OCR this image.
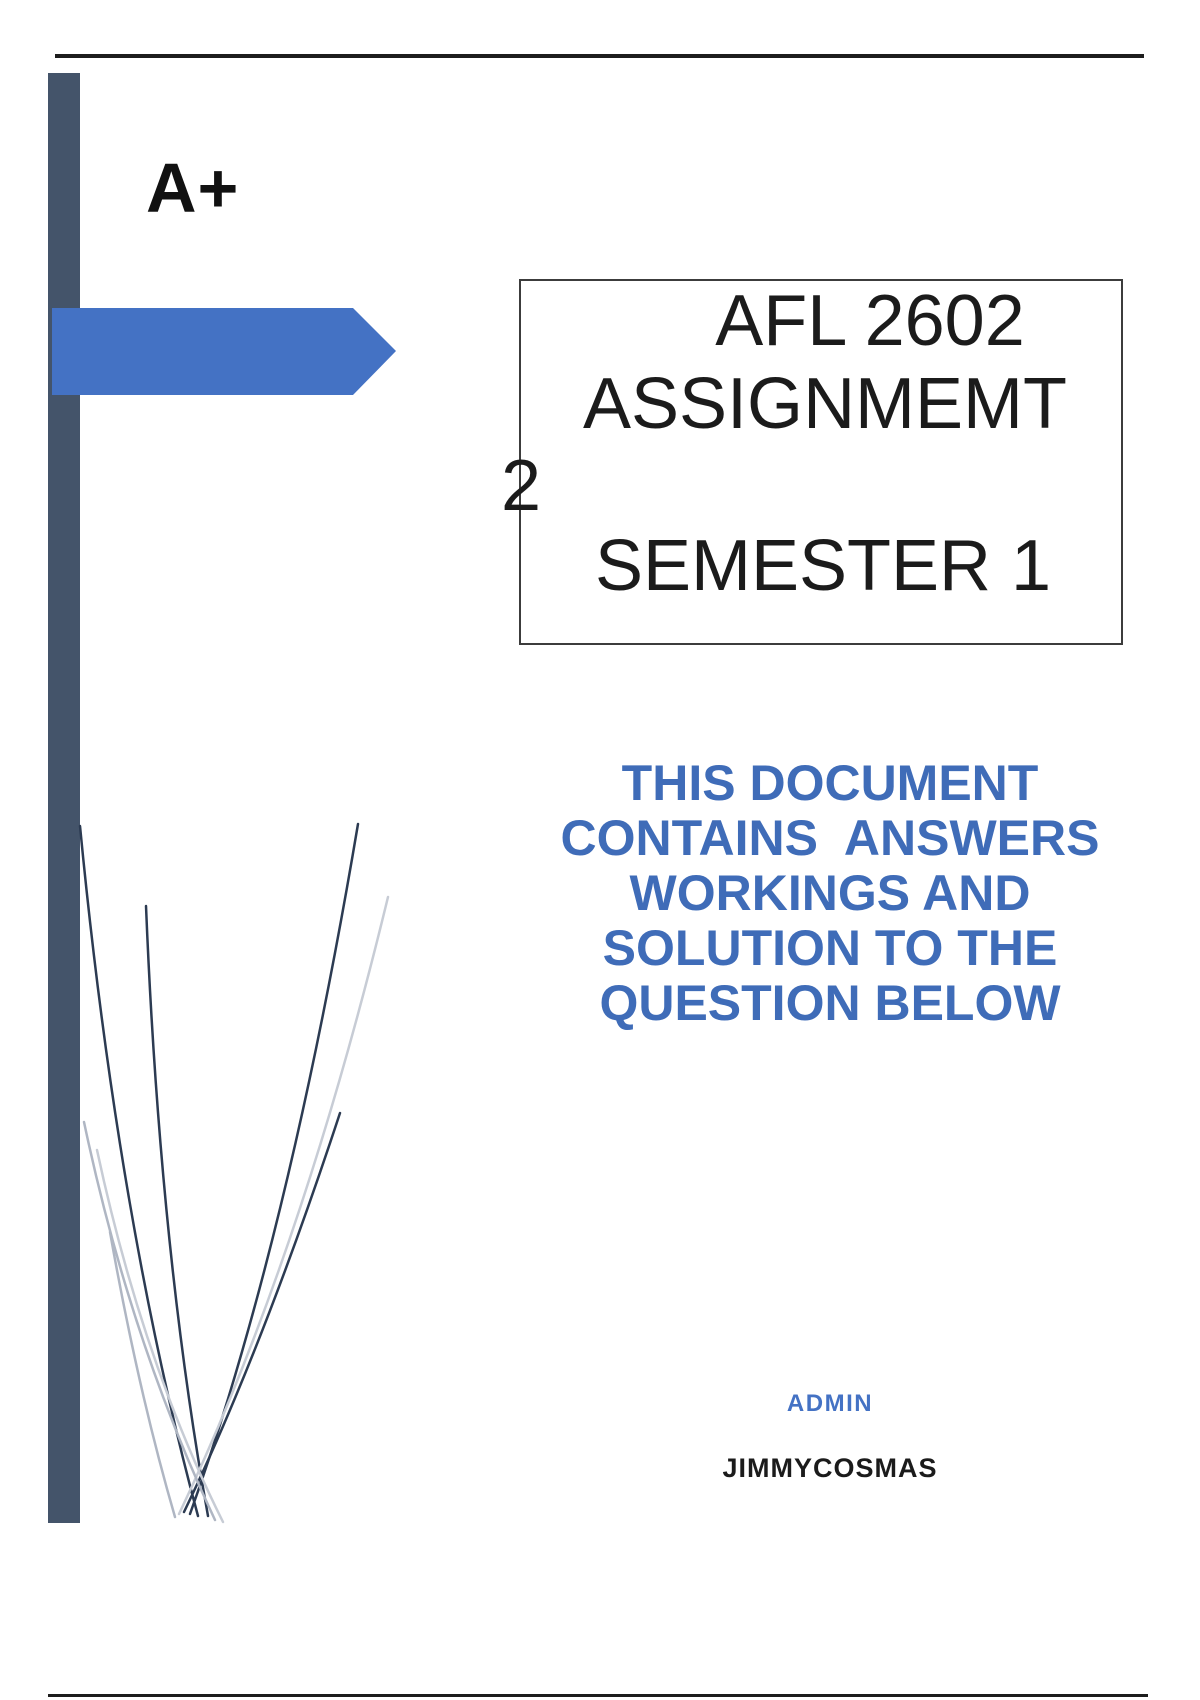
A+
AFL 2602
ASSIGNMEMT
2
SEMESTER 1
THIS DOCUMENT
CONTAINS  ANSWERS
WORKINGS AND
SOLUTION TO THE
QUESTION BELOW
ADMIN
JIMMYCOSMAS
